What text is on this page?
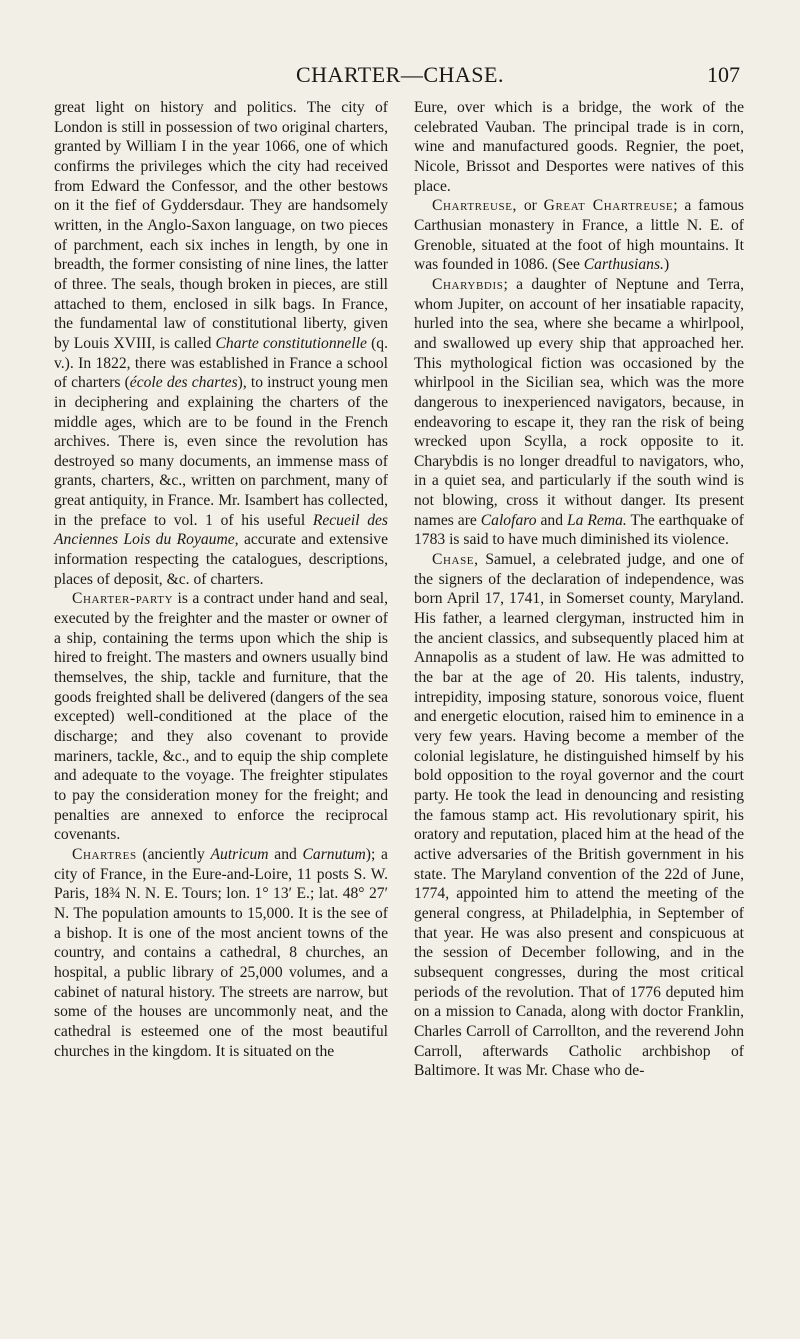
CHARTER—CHASE.	107

great light on history and politics. The city of London is still in possession of two original charters, granted by William I in the year 1066, one of which confirms the privileges which the city had received from Edward the Confessor, and the other bestows on it the fief of Gyddersdaur. They are handsomely written, in the Anglo-Saxon language, on two pieces of parchment, each six inches in length, by one in breadth, the former consisting of nine lines, the latter of three. The seals, though broken in pieces, are still attached to them, enclosed in silk bags. In France, the fundamental law of constitutional liberty, given by Louis XVIII, is called Charte constitutionnelle (q. v.). In 1822, there was established in France a school of charters (école des chartes), to instruct young men in deciphering and explaining the charters of the middle ages, which are to be found in the French archives. There is, even since the revolution has destroyed so many documents, an immense mass of grants, charters, &c., written on parchment, many of great antiquity, in France. Mr. Isambert has collected, in the preface to vol. 1 of his useful Recueil des Anciennes Lois du Royaume, accurate and extensive information respecting the catalogues, descriptions, places of deposit, &c. of charters.

Charter-party is a contract under hand and seal, executed by the freighter and the master or owner of a ship, containing the terms upon which the ship is hired to freight. The masters and owners usually bind themselves, the ship, tackle and furniture, that the goods freighted shall be delivered (dangers of the sea excepted) well-conditioned at the place of the discharge; and they also covenant to provide mariners, tackle, &c., and to equip the ship complete and adequate to the voyage. The freighter stipulates to pay the consideration money for the freight; and penalties are annexed to enforce the reciprocal covenants.

Chartres (anciently Autricum and Carnutum); a city of France, in the Eure-and-Loire, 11 posts S. W. Paris, 18¾ N. N. E. Tours; lon. 1° 13′ E.; lat. 48° 27′ N. The population amounts to 15,000. It is the see of a bishop. It is one of the most ancient towns of the country, and contains a cathedral, 8 churches, an hospital, a public library of 25,000 volumes, and a cabinet of natural history. The streets are narrow, but some of the houses are uncommonly neat, and the cathedral is esteemed one of the most beautiful churches in the kingdom. It is situated on the

Eure, over which is a bridge, the work of the celebrated Vauban. The principal trade is in corn, wine and manufactured goods. Regnier, the poet, Nicole, Brissot and Desportes were natives of this place.

Chartreuse, or Great Chartreuse; a famous Carthusian monastery in France, a little N. E. of Grenoble, situated at the foot of high mountains. It was founded in 1086. (See Carthusians.)

Charybdis; a daughter of Neptune and Terra, whom Jupiter, on account of her insatiable rapacity, hurled into the sea, where she became a whirlpool, and swallowed up every ship that approached her. This mythological fiction was occasioned by the whirlpool in the Sicilian sea, which was the more dangerous to inexperienced navigators, because, in endeavoring to escape it, they ran the risk of being wrecked upon Scylla, a rock opposite to it. Charybdis is no longer dreadful to navigators, who, in a quiet sea, and particularly if the south wind is not blowing, cross it without danger. Its present names are Calofaro and La Rema. The earthquake of 1783 is said to have much diminished its violence.

Chase, Samuel, a celebrated judge, and one of the signers of the declaration of independence, was born April 17, 1741, in Somerset county, Maryland. His father, a learned clergyman, instructed him in the ancient classics, and subsequently placed him at Annapolis as a student of law. He was admitted to the bar at the age of 20. His talents, industry, intrepidity, imposing stature, sonorous voice, fluent and energetic elocution, raised him to eminence in a very few years. Having become a member of the colonial legislature, he distinguished himself by his bold opposition to the royal governor and the court party. He took the lead in denouncing and resisting the famous stamp act. His revolutionary spirit, his oratory and reputation, placed him at the head of the active adversaries of the British government in his state. The Maryland convention of the 22d of June, 1774, appointed him to attend the meeting of the general congress, at Philadelphia, in September of that year. He was also present and conspicuous at the session of December following, and in the subsequent congresses, during the most critical periods of the revolution. That of 1776 deputed him on a mission to Canada, along with doctor Franklin, Charles Carroll of Carrollton, and the reverend John Carroll, afterwards Catholic archbishop of Baltimore. It was Mr. Chase who de-
